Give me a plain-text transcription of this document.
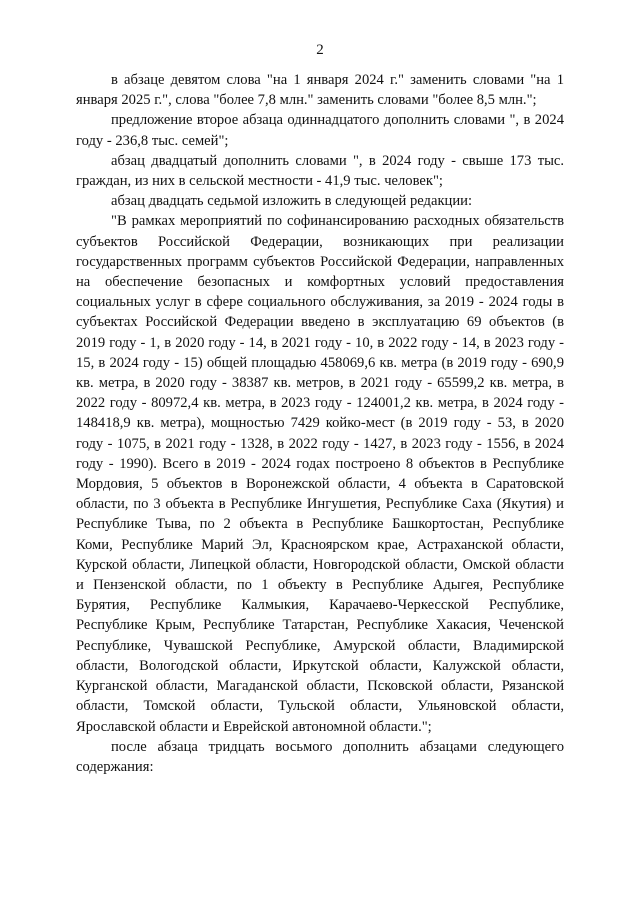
2

в абзаце девятом слова "на 1 января 2024 г." заменить словами "на 1 января 2025 г.", слова "более 7,8 млн." заменить словами "более 8,5 млн.";

предложение второе абзаца одиннадцатого дополнить словами ", в 2024 году - 236,8 тыс. семей";

абзац двадцатый дополнить словами ", в 2024 году - свыше 173 тыс. граждан, из них в сельской местности - 41,9 тыс. человек";

абзац двадцать седьмой изложить в следующей редакции:

"В рамках мероприятий по софинансированию расходных обязательств субъектов Российской Федерации, возникающих при реализации государственных программ субъектов Российской Федерации, направленных на обеспечение безопасных и комфортных условий предоставления социальных услуг в сфере социального обслуживания, за 2019 - 2024 годы в субъектах Российской Федерации введено в эксплуатацию 69 объектов (в 2019 году - 1, в 2020 году - 14, в 2021 году - 10, в 2022 году - 14, в 2023 году - 15, в 2024 году - 15) общей площадью 458069,6 кв. метра (в 2019 году - 690,9 кв. метра, в 2020 году - 38387 кв. метров, в 2021 году - 65599,2 кв. метра, в 2022 году - 80972,4 кв. метра, в 2023 году - 124001,2 кв. метра, в 2024 году - 148418,9 кв. метра), мощностью 7429 койко-мест (в 2019 году - 53, в 2020 году - 1075, в 2021 году - 1328, в 2022 году - 1427, в 2023 году - 1556, в 2024 году - 1990). Всего в 2019 - 2024 годах построено 8 объектов в Республике Мордовия, 5 объектов в Воронежской области, 4 объекта в Саратовской области, по 3 объекта в Республике Ингушетия, Республике Саха (Якутия) и Республике Тыва, по 2 объекта в Республике Башкортостан, Республике Коми, Республике Марий Эл, Красноярском крае, Астраханской области, Курской области, Липецкой области, Новгородской области, Омской области и Пензенской области, по 1 объекту в Республике Адыгея, Республике Бурятия, Республике Калмыкия, Карачаево-Черкесской Республике, Республике Крым, Республике Татарстан, Республике Хакасия, Чеченской Республике, Чувашской Республике, Амурской области, Владимирской области, Вологодской области, Иркутской области, Калужской области, Курганской области, Магаданской области, Псковской области, Рязанской области, Томской области, Тульской области, Ульяновской области, Ярославской области и Еврейской автономной области.";

после абзаца тридцать восьмого дополнить абзацами следующего содержания:
